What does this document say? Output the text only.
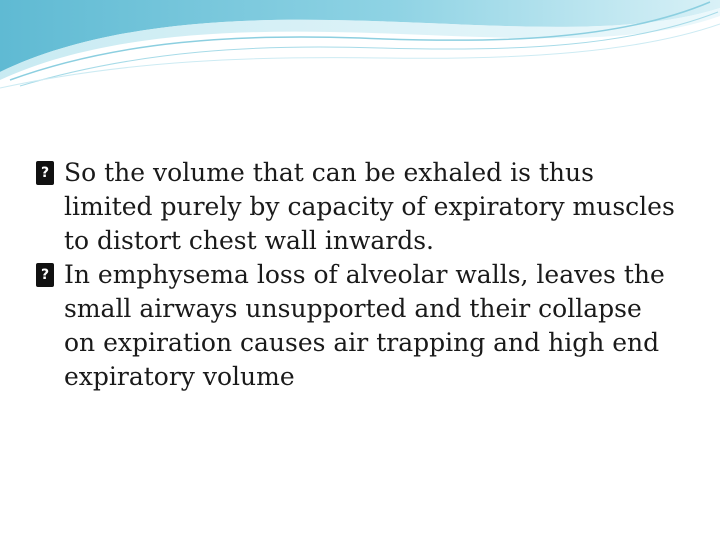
?
So the volume that can be exhaled is thus limited purely by capacity of expiratory muscles to distort chest wall inwards.
?
In emphysema loss of alveolar walls, leaves the small airways unsupported and their collapse on expiration causes air trapping and high end expiratory volume
